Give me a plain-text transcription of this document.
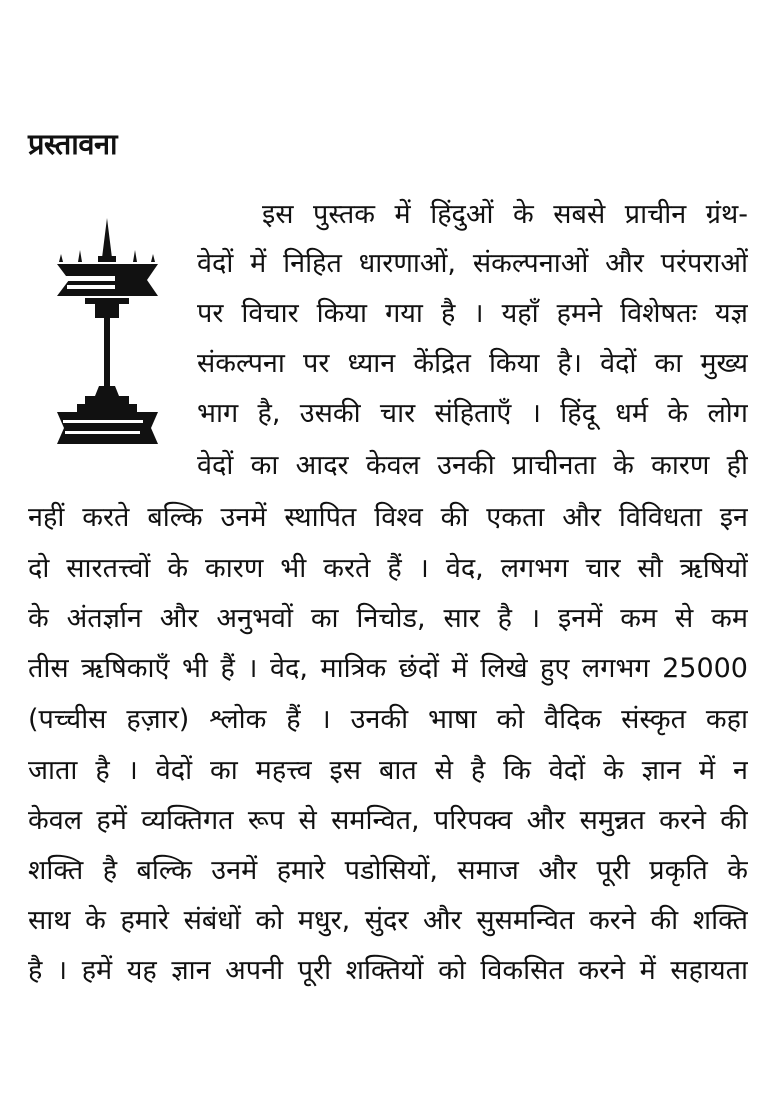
प्रस्तावना
इस पुस्तक में हिंदुओं के सबसे प्राचीन ग्रंथ-
वेदों में निहित धारणाओं, संकल्पनाओं और परंपराओं
पर विचार किया गया है । यहाँ हमने विशेषतः यज्ञ
संकल्पना पर ध्यान केंद्रित किया है। वेदों का मुख्य
भाग है, उसकी चार संहिताएँ । हिंदू धर्म के लोग
वेदों का आदर केवल उनकी प्राचीनता के कारण ही
नहीं करते बल्कि उनमें स्थापित विश्व की एकता और विविधता इन
दो सारतत्त्वों के कारण भी करते हैं । वेद, लगभग चार सौ ऋषियों
के अंतर्ज्ञान और अनुभवों का निचोड, सार है । इनमें कम से कम
तीस ऋषिकाएँ भी हैं । वेद, मात्रिक छंदों में लिखे हुए लगभग 25000
(पच्चीस हज़ार) श्लोक हैं । उनकी भाषा को वैदिक संस्कृत कहा
जाता है । वेदों का महत्त्व इस बात से है कि वेदों के ज्ञान में न
केवल हमें व्यक्तिगत रूप से समन्वित, परिपक्व और समुन्नत करने की
शक्ति है बल्कि उनमें हमारे पडोसियों, समाज और पूरी प्रकृति के
साथ के हमारे संबंधों को मधुर, सुंदर और सुसमन्वित करने की शक्ति
है । हमें यह ज्ञान अपनी पूरी शक्तियों को विकसित करने में सहायता
